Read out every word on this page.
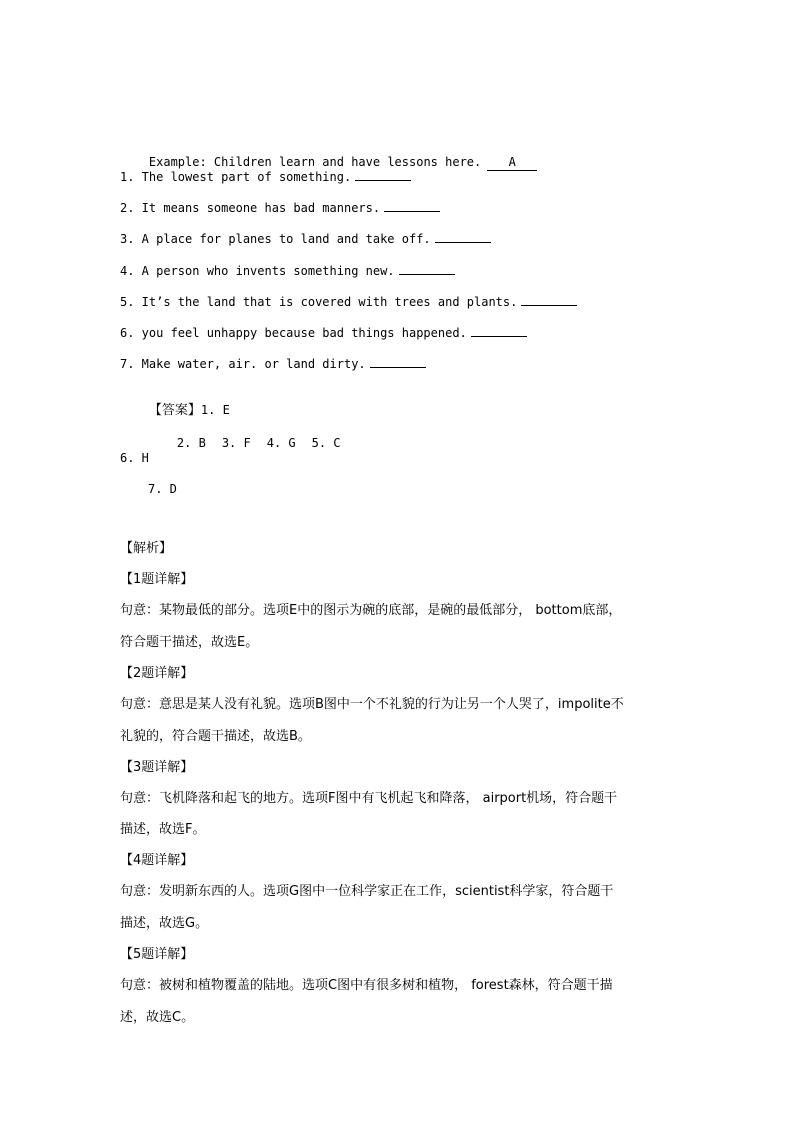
Example: Children learn and have lessons here. A

1. The lowest part of something.
2. It means someone has bad manners.
3. A place for planes to land and take off.
4. A person who invents something new.
5. It’s the land that is covered with trees and plants.
6. you feel unhappy because bad things happened.
7. Make water, air. or land dirty.

【答案】1. E

2. B 3. F 4. G 5. C

6. H
7. D
【解析】
【1题详解】
句意：某物最低的部分。选项E中的图示为碗的底部，是碗的最低部分， bottom底部，
符合题干描述，故选E。
【2题详解】
句意：意思是某人没有礼貌。选项B图中一个不礼貌的行为让另一个人哭了，impolite不
礼貌的，符合题干描述，故选B。
【3题详解】
句意：飞机降落和起飞的地方。选项F图中有飞机起飞和降落， airport机场，符合题干
描述，故选F。
【4题详解】
句意：发明新东西的人。选项G图中一位科学家正在工作，scientist科学家，符合题干
描述，故选G。
【5题详解】
句意：被树和植物覆盖的陆地。选项C图中有很多树和植物， forest森林，符合题干描
述，故选C。
